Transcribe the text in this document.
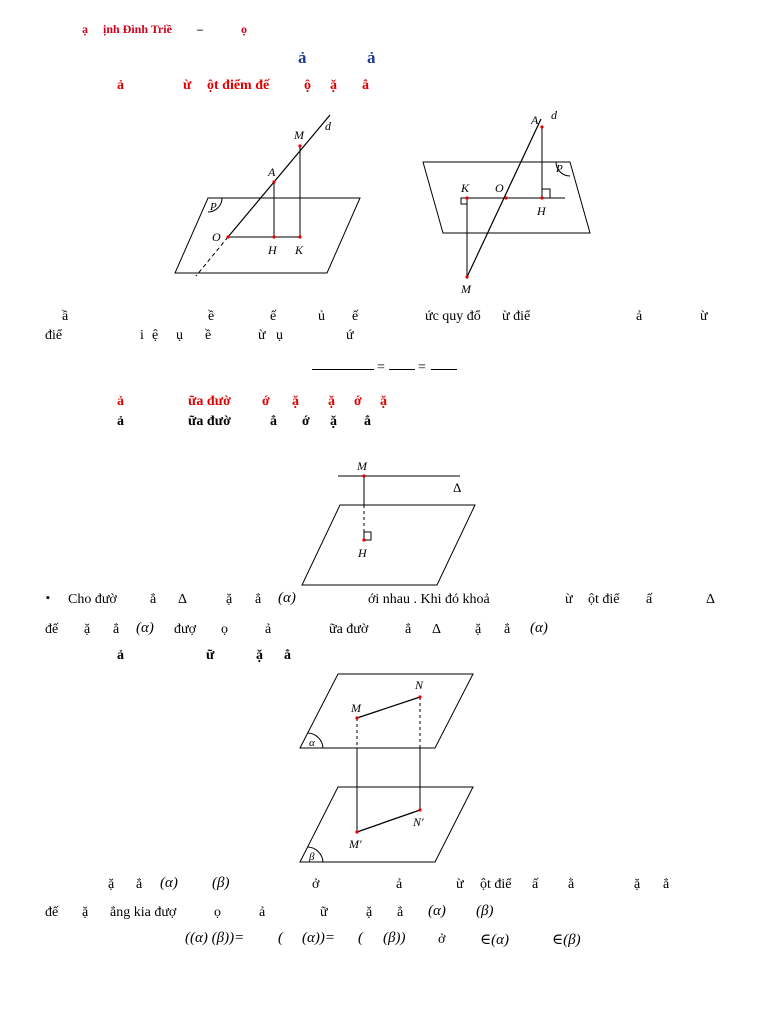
ạ ịnh Đình Triề –	ọ
ả	ả
ả	ừ ột điểm đế ộ ặ ẳ
M
d
A
P
O
H K
A d
P
K O
H
M
ầ	ề	ế	ủ ế	ức quy đổ ừ điể	ả	ừ
điể	i ệ ụ ề	ừ ụ	ứ
= =
ả	ữa đườ ớ ặ ặ ớ ặ
ả	ữa đườ	ẳ ớ ặ ẳ
M
Δ
H
▪ Cho đườ ẳ Δ	ặ ẳ (α)	ới nhau . Khi đó khoả	ừ ột điể ấ	Δ
đế ặ ẳ (α) đượ ọ	ả	ữa đườ	ẳ Δ ặ ẳ (α)
ả	ữ	ặ ẳ
N
M
α
N′
M′
β
ặ ẳ (α) (β)	ở	ả	ừ ột điể ấ ằ	ặ ẳ
đế ặ ẳng kia đượ	ọ	ả	ữ	ặ ẳ (α) (β)
((α) (β))= ( (α))= ( (β)) ở ∈(α)	∈(β)
